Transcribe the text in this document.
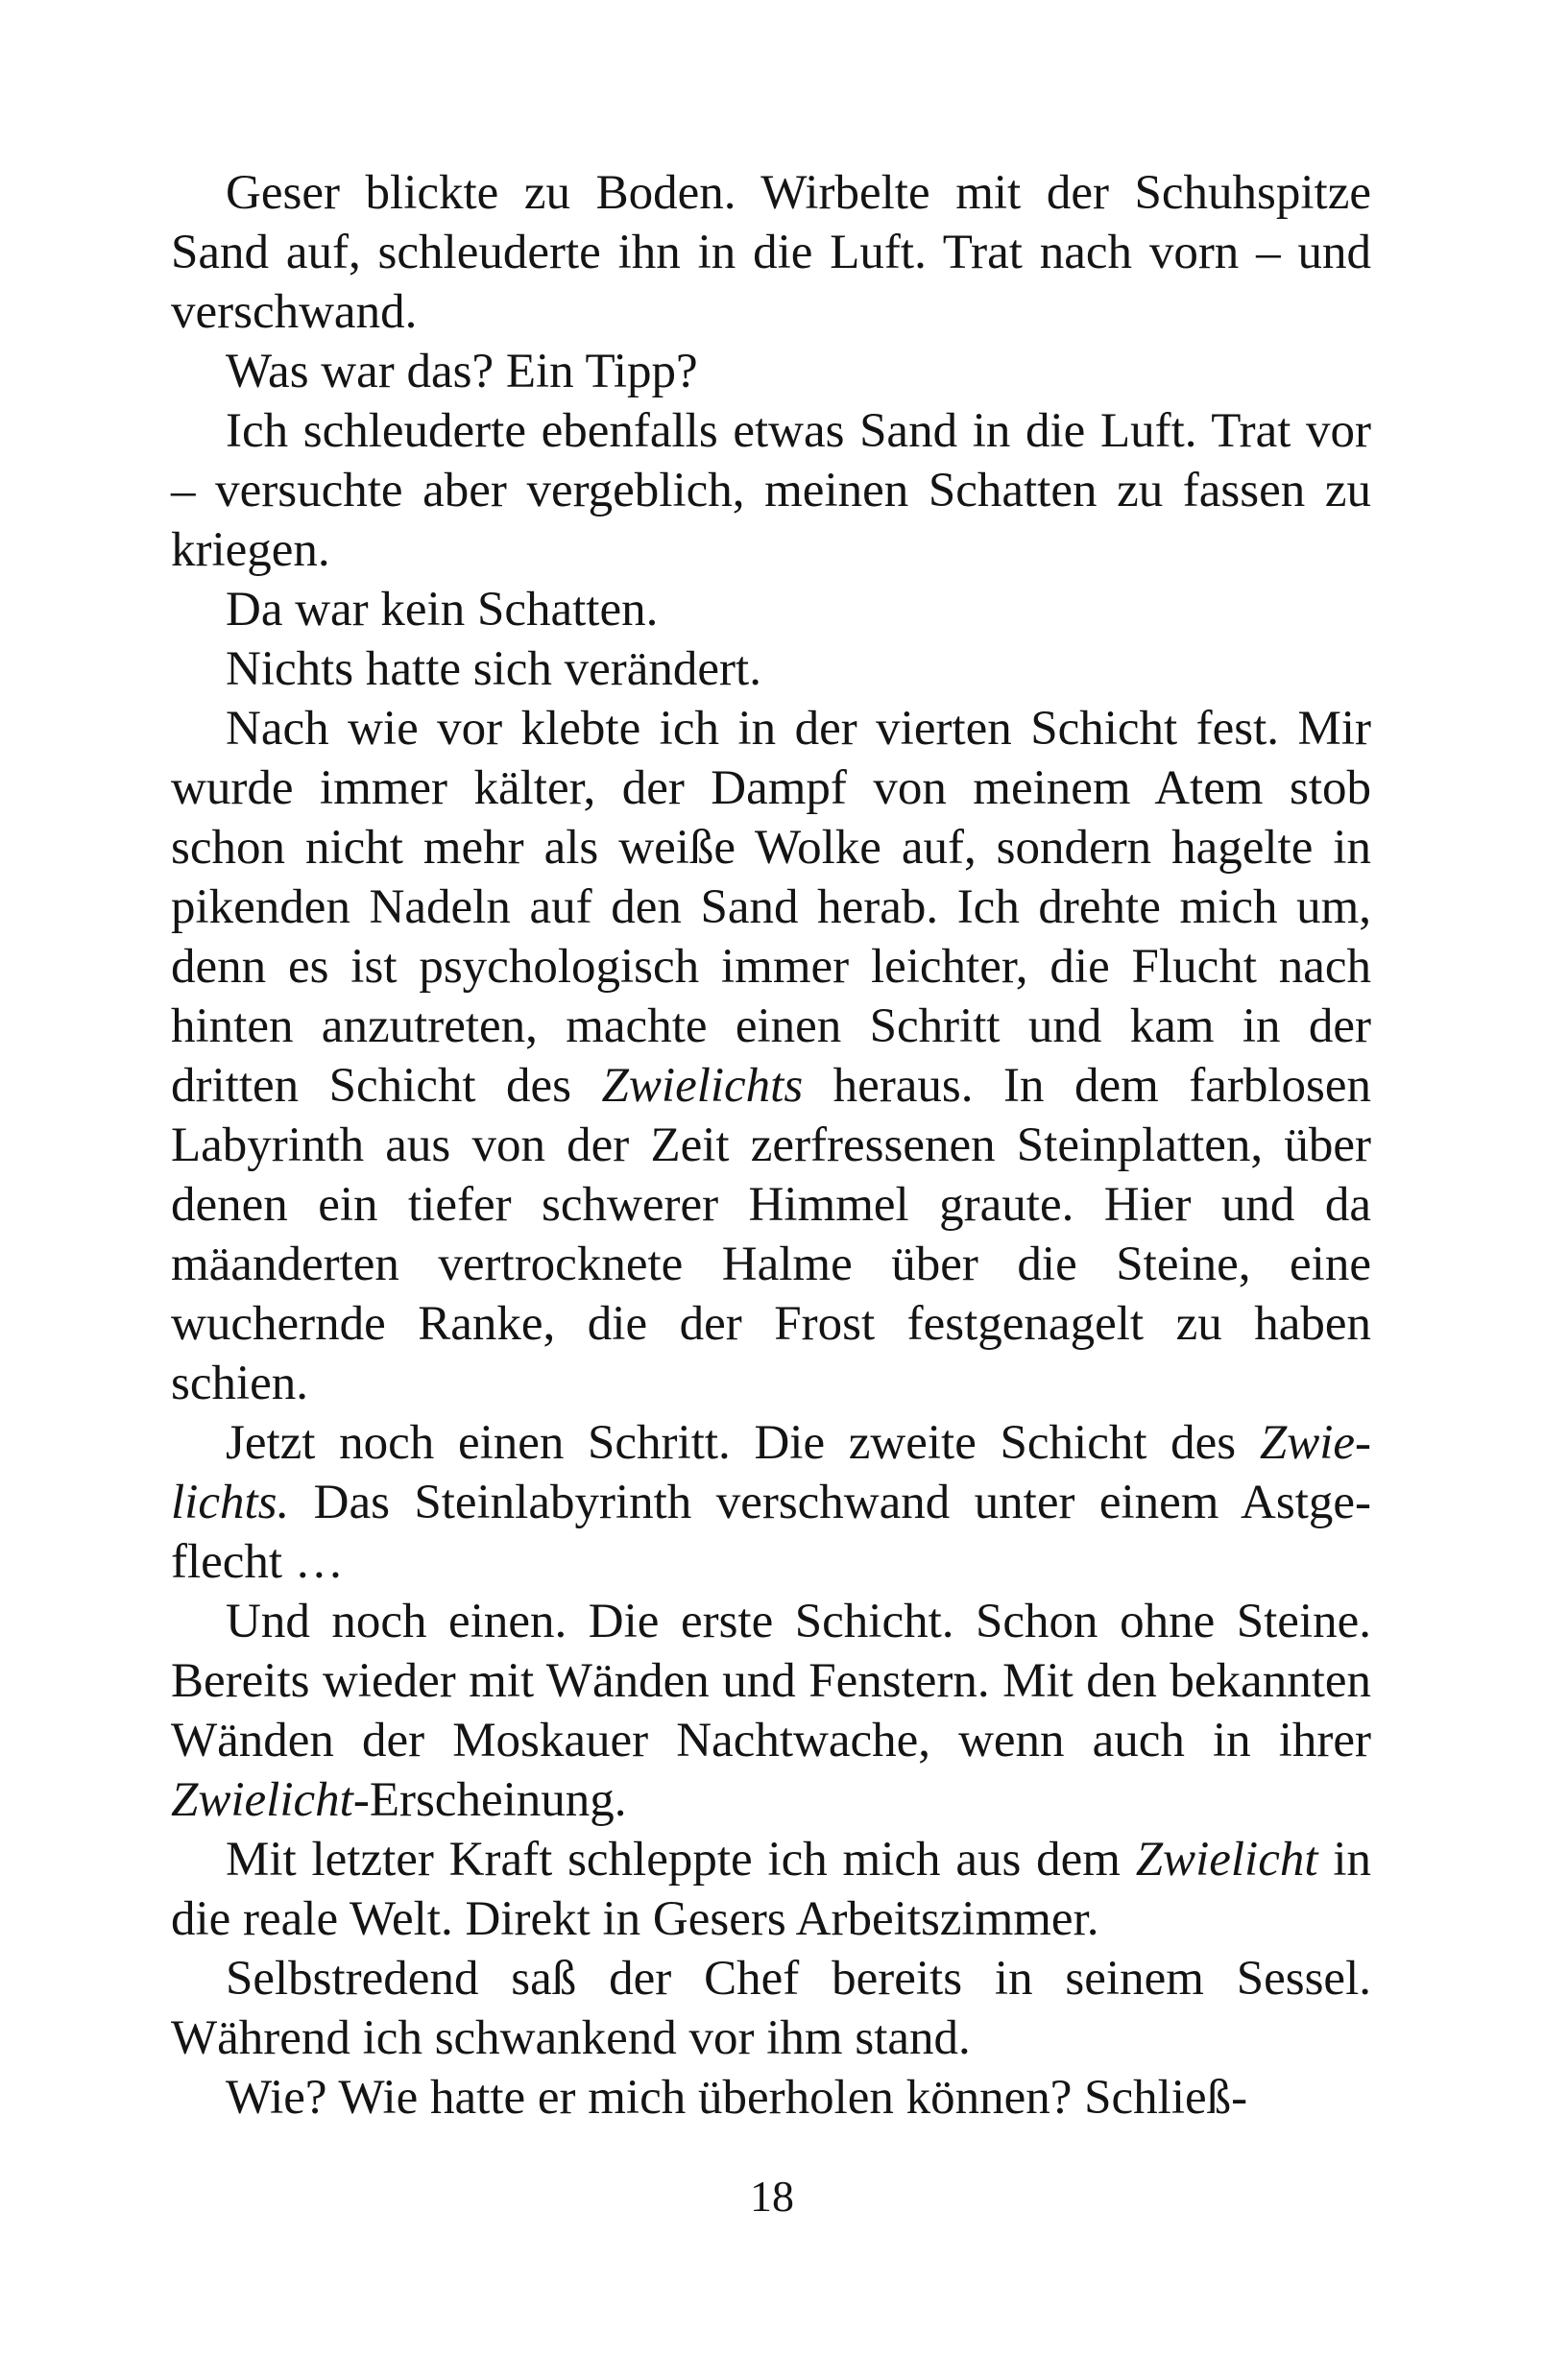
Geser blickte zu Boden. Wirbelte mit der Schuhspitze Sand auf, schleuderte ihn in die Luft. Trat nach vorn – und verschwand.

Was war das? Ein Tipp?

Ich schleuderte ebenfalls etwas Sand in die Luft. Trat vor – versuchte aber vergeblich, meinen Schatten zu fassen zu kriegen.

Da war kein Schatten.

Nichts hatte sich verändert.

Nach wie vor klebte ich in der vierten Schicht fest. Mir wurde immer kälter, der Dampf von meinem Atem stob schon nicht mehr als weiße Wolke auf, sondern hagelte in pikenden Nadeln auf den Sand herab. Ich drehte mich um, denn es ist psychologisch immer leichter, die Flucht nach hinten anzutreten, machte einen Schritt und kam in der dritten Schicht des Zwielichts heraus. In dem farblosen Labyrinth aus von der Zeit zerfressenen Steinplatten, über denen ein tiefer schwerer Himmel graute. Hier und da mäanderten vertrocknete Halme über die Steine, eine wuchernde Ranke, die der Frost festgenagelt zu haben schien.

Jetzt noch einen Schritt. Die zweite Schicht des Zwielichts. Das Steinlabyrinth verschwand unter einem Astgeflecht …

Und noch einen. Die erste Schicht. Schon ohne Steine. Bereits wieder mit Wänden und Fenstern. Mit den bekannten Wänden der Moskauer Nachtwache, wenn auch in ihrer Zwielicht-Erscheinung.

Mit letzter Kraft schleppte ich mich aus dem Zwielicht in die reale Welt. Direkt in Gesers Arbeitszimmer.

Selbstredend saß der Chef bereits in seinem Sessel. Während ich schwankend vor ihm stand.

Wie? Wie hatte er mich überholen können? Schließ-

18
